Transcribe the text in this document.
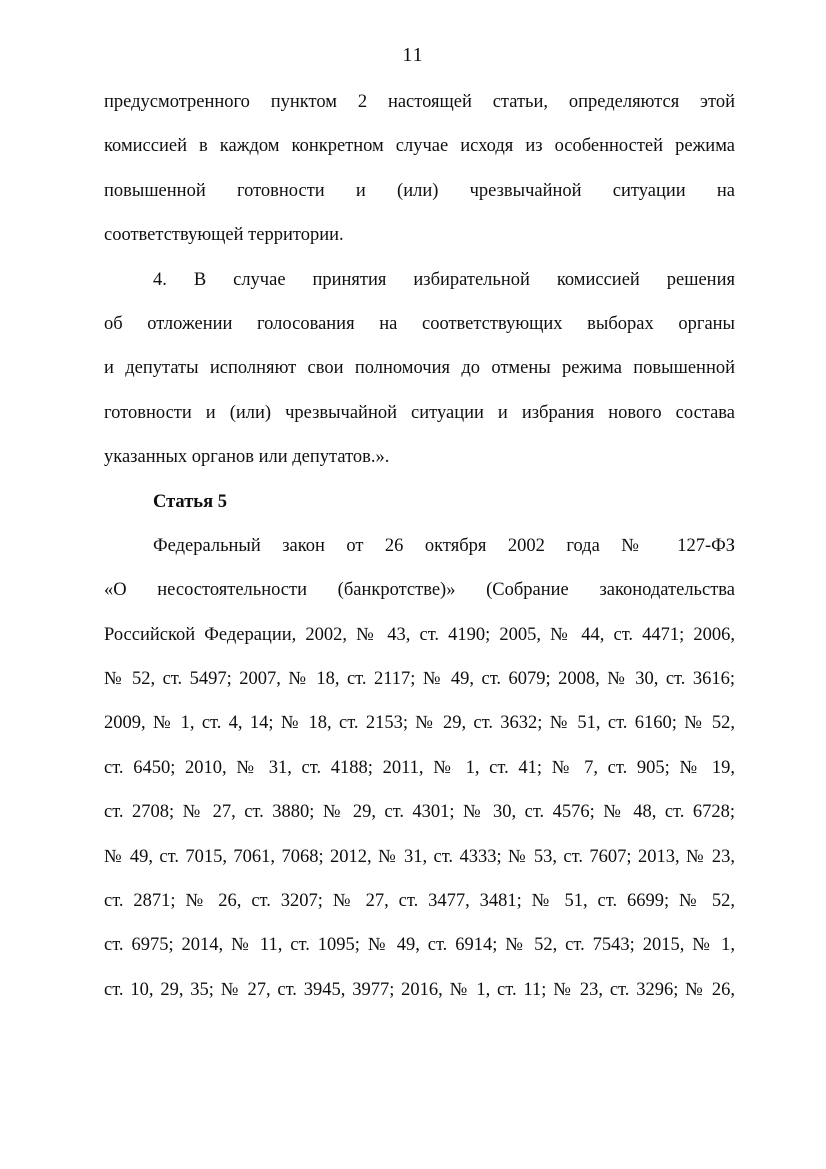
11
предусмотренного пунктом 2 настоящей статьи, определяются этой
комиссией в каждом конкретном случае исходя из особенностей режима
повышенной готовности и (или) чрезвычайной ситуации на
соответствующей территории.
4. В случае принятия избирательной комиссией решения
об отложении голосования на соответствующих выборах органы
и депутаты исполняют свои полномочия до отмены режима повышенной
готовности и (или) чрезвычайной ситуации и избрания нового состава
указанных органов или депутатов.».
Статья 5
Федеральный закон от 26 октября 2002 года № 127-ФЗ
«О несостоятельности (банкротстве)» (Собрание законодательства
Российской Федерации, 2002, № 43, ст. 4190; 2005, № 44, ст. 4471; 2006,
№ 52, ст. 5497; 2007, № 18, ст. 2117; № 49, ст. 6079; 2008, № 30, ст. 3616;
2009, № 1, ст. 4, 14; № 18, ст. 2153; № 29, ст. 3632; № 51, ст. 6160; № 52,
ст. 6450; 2010, № 31, ст. 4188; 2011, № 1, ст. 41; № 7, ст. 905; № 19,
ст. 2708; № 27, ст. 3880; № 29, ст. 4301; № 30, ст. 4576; № 48, ст. 6728;
№ 49, ст. 7015, 7061, 7068; 2012, № 31, ст. 4333; № 53, ст. 7607; 2013, № 23,
ст. 2871; № 26, ст. 3207; № 27, ст. 3477, 3481; № 51, ст. 6699; № 52,
ст. 6975; 2014, № 11, ст. 1095; № 49, ст. 6914; № 52, ст. 7543; 2015, № 1,
ст. 10, 29, 35; № 27, ст. 3945, 3977; 2016, № 1, ст. 11; № 23, ст. 3296; № 26,
